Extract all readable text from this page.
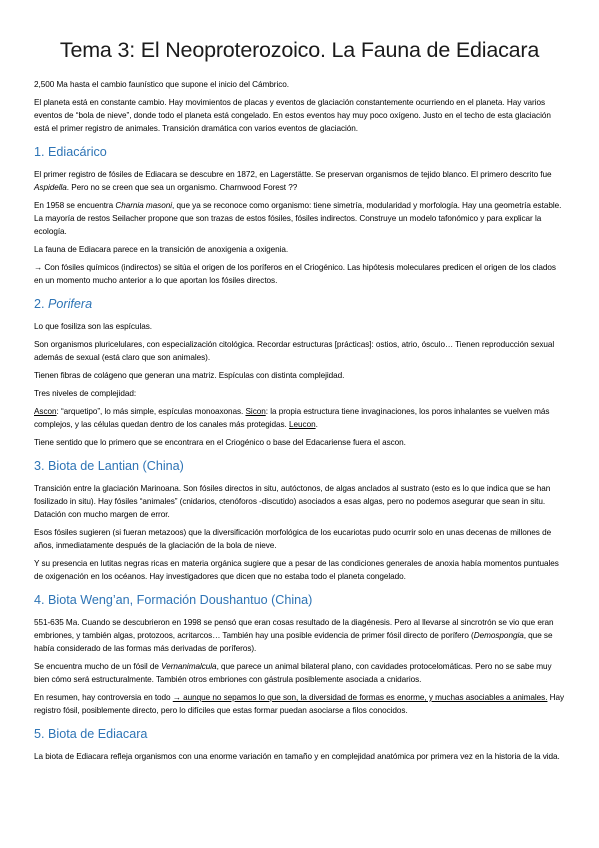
Tema 3: El Neoproterozoico. La Fauna de Ediacara

2,500 Ma hasta el cambio faunístico que supone el inicio del Cámbrico.

El planeta está en constante cambio. Hay movimientos de placas y eventos de glaciación constantemente ocurriendo en el planeta. Hay varios eventos de “bola de nieve”, donde todo el planeta está congelado. En estos eventos hay muy poco oxígeno. Justo en el techo de esta glaciación está el primer registro de animales. Transición dramática con varios eventos de glaciación.

1. Ediacárico

El primer registro de fósiles de Ediacara se descubre en 1872, en Lagerstätte. Se preservan organismos de tejido blanco. El primero descrito fue Aspidella. Pero no se creen que sea un organismo. Charnwood Forest ??

En 1958 se encuentra Charnia masoni, que ya se reconoce como organismo: tiene simetría, modularidad y morfología. Hay una geometría estable. La mayoría de restos Seilacher propone que son trazas de estos fósiles, fósiles indirectos. Construye un modelo tafonómico y para explicar la ecología.

La fauna de Ediacara parece en la transición de anoxigenia a oxigenia.

→ Con fósiles químicos (indirectos) se sitúa el origen de los poríferos en el Criogénico. Las hipótesis moleculares predicen el origen de los clados en un momento mucho anterior a lo que aportan los fósiles directos.

2. Porifera

Lo que fosiliza son las espículas.

Son organismos pluricelulares, con especialización citológica. Recordar estructuras [prácticas]: ostios, atrio, ósculo… Tienen reproducción sexual además de sexual (está claro que son animales).

Tienen fibras de colágeno que generan una matriz. Espículas con distinta complejidad.

Tres niveles de complejidad:

Ascon: “arquetipo”, lo más simple, espículas monoaxonas. Sicon: la propia estructura tiene invaginaciones, los poros inhalantes se vuelven más complejos, y las células quedan dentro de los canales más protegidas. Leucon.

Tiene sentido que lo primero que se encontrara en el Criogénico o base del Edacariense fuera el ascon.

3. Biota de Lantian (China)

Transición entre la glaciación Marinoana. Son fósiles directos in situ, autóctonos, de algas anclados al sustrato (esto es lo que indica que se han fosilizado in situ). Hay fósiles “animales” (cnidarios, ctenóforos -discutido) asociados a esas algas, pero no podemos asegurar que sean in situ. Datación con mucho margen de error.

Esos fósiles sugieren (si fueran metazoos) que la diversificación morfológica de los eucariotas pudo ocurrir solo en unas decenas de millones de años, inmediatamente después de la glaciación de la bola de nieve.

Y su presencia en lutitas negras ricas en materia orgánica sugiere que a pesar de las condiciones generales de anoxia había momentos puntuales de oxigenación en los océanos. Hay investigadores que dicen que no estaba todo el planeta congelado.

4. Biota Weng’an, Formación Doushantuo (China)

551-635 Ma. Cuando se descubrieron en 1998 se pensó que eran cosas resultado de la diagénesis. Pero al llevarse al sincrotrón se vio que eran embriones, y también algas, protozoos, acritarcos… También hay una posible evidencia de primer fósil directo de porífero (Demospongia, que se había considerado de las formas más derivadas de poríferos).

Se encuentra mucho de un fósil de Vernanimalcula, que parece un animal bilateral plano, con cavidades protocelomáticas. Pero no se sabe muy bien cómo será estructuralmente. También otros embriones con gástrula posiblemente asociada a cnidarios.

En resumen, hay controversia en todo → aunque no sepamos lo que son, la diversidad de formas es enorme, y muchas asociables a animales. Hay registro fósil, posiblemente directo, pero lo difíciles que estas formar puedan asociarse a filos conocidos.

5. Biota de Ediacara

La biota de Ediacara refleja organismos con una enorme variación en tamaño y en complejidad anatómica por primera vez en la historia de la vida.
